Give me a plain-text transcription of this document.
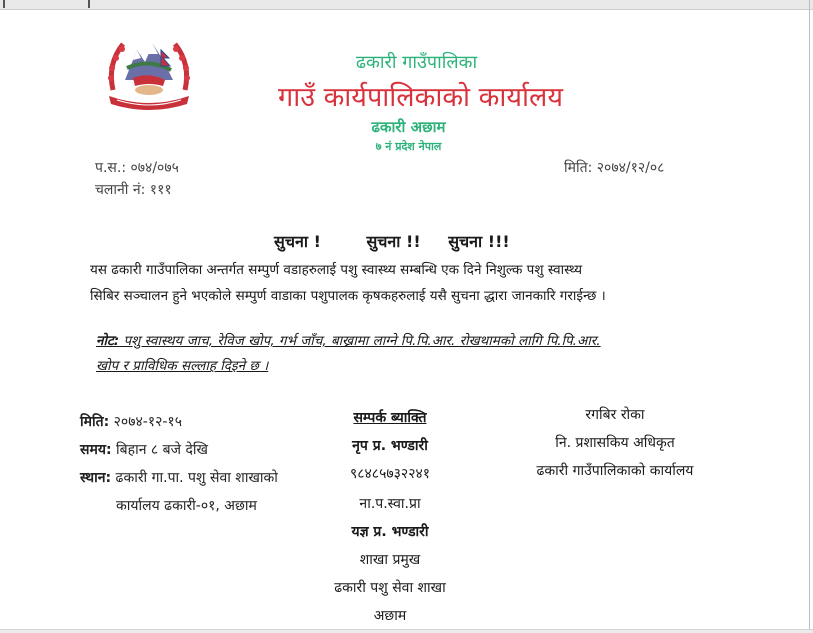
ढकारी गाउँपालिका
गाउँ कार्यपालिकाको कार्यालय
ढकारी अछाम
७ नं प्रदेश नेपाल
प.स.: ०७४/०७५
चलानी नं: १११
मिति: २०७४/१२/०८
सुचना !	सुचना !! सुचना !!!
यस ढकारी गाउँपालिका अन्तर्गत सम्पुर्ण वडाहरुलाई पशु स्वास्थ्य सम्बन्धि एक दिने निशुल्क पशु स्वास्थ्य
सिबिर सञ्चालन हुने भएकोले सम्पुर्ण वाडाका पशुपालक कृषकहरुलाई यसै सुचना द्धारा जानकारि गराईन्छ ।
नोट: पशु स्वास्थय जाच, रेविज खोप, गर्भ जाँच, बाख्रामा लाग्ने पि.पि.आर. रोखथामको लागि पि.पि.आर.
खोप र प्राविधिक सल्लाह दिइने छ ।
मिति: २०७४-१२-१५
समय: बिहान ८ बजे देखि
स्थान: ढकारी गा.पा. पशु सेवा शाखाको
कार्यालय ढकारी-०१, अछाम
सम्पर्क ब्याक्ति
नृप प्र. भण्डारी
९८४८५७३२२४१
ना.प.स्वा.प्रा
यज्ञ प्र. भण्डारी
शाखा प्रमुख
ढकारी पशु सेवा शाखा
अछाम
रगबिर रोका
नि. प्रशासकिय अधिकृत
ढकारी गाउँपालिकाको कार्यालय
